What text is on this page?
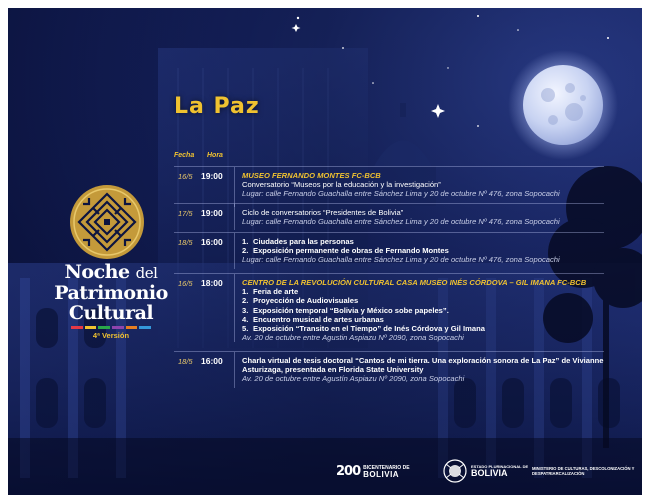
Noche del
Patrimonio
Cultural
4ª Versión
La Paz
Fecha Hora
16/5 19:00	MUSEO FERNANDO MONTES FC-BCB
Conversatorio “Museos por la educación y la investigación”
Lugar: calle Fernando Guachalla entre Sánchez Lima y 20 de octubre Nº 476, zona Sopocachi
17/5 19:00	Ciclo de conversatorios “Presidentes de Bolivia”
Lugar: calle Fernando Guachalla entre Sánchez Lima y 20 de octubre Nº 476, zona Sopocachi
18/5 16:00	1. Ciudades para las personas
2. Exposición permanente de obras de Fernando Montes
Lugar: calle Fernando Guachalla entre Sánchez Lima y 20 de octubre Nº 476, zona Sopocachi
16/5 18:00	CENTRO DE LA REVOLUCIÓN CULTURAL CASA MUSEO INÉS CÓRDOVA – GIL IMANA FC-BCB
1. Feria de arte
2. Proyección de Audiovisuales
3. Exposición temporal “Bolivia y México sobe papeles”.
4. Encuentro musical de artes urbanas
5. Exposición “Transito en el Tiempo” de Inés Córdova y Gil Imana
Av. 20 de octubre entre Agustin Aspiazu Nº 2090, zona Sopocachi
18/5 16:00	Charla virtual de tesis doctoral “Cantos de mi tierra. Una exploración sonora de La Paz” de Vivianne Asturizaga, presentada en Florida State University
Av. 20 de octubre entre Agustín Aspiazu Nº 2090, zona Sopocachi
200 BICENTENARIO DE
BOLIVIA
ESTADO PLURINACIONAL DE
BOLIVIA	MINISTERIO DE CULTURAS, DESCOLONIZACIÓN Y DESPATRIARCALIZACIÓN
